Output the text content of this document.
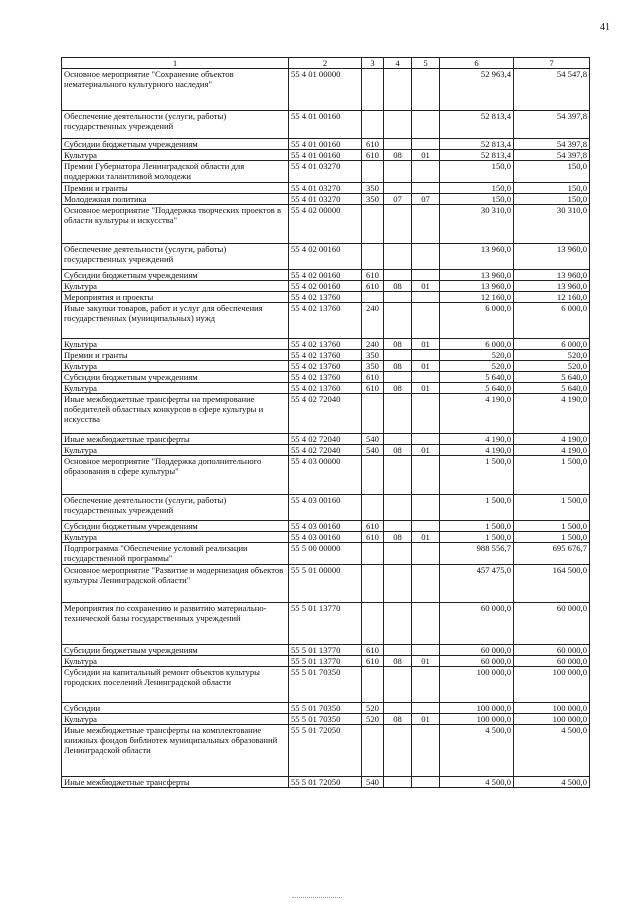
41
1	2	3	4	5	6	7
Основное мероприятие "Сохранение объектов нематериального культурного наследия"	55 4 01 00000				52 963,4	54 547,8
Обеспечение деятельности (услуги, работы) государственных учреждений	55 4 01 00160				52 813,4	54 397,8
Субсидии бюджетным учреждениям	55 4 01 00160	610			52 813,4	54 397,8
Культура	55 4 01 00160	610	08	01	52 813,4	54 397,8
Премии Губернатора Ленинградской области для поддержки талантливой молодежи	55 4 01 03270				150,0	150,0
Премии и гранты	55 4 01 03270	350			150,0	150,0
Молодежная политика	55 4 01 03270	350	07	07	150,0	150,0
Основное мероприятие "Поддержка творческих проектов в области культуры и искусства"	55 4 02 00000				30 310,0	30 310,0
Обеспечение деятельности (услуги, работы) государственных учреждений	55 4 02 00160				13 960,0	13 960,0
Субсидии бюджетным учреждениям	55 4 02 00160	610			13 960,0	13 960,0
Культура	55 4 02 00160	610	08	01	13 960,0	13 960,0
Мероприятия и проекты	55 4 02 13760				12 160,0	12 160,0
Иные закупки товаров, работ и услуг для обеспечения государственных (муниципальных) нужд	55 4 02 13760	240			6 000,0	6 000,0
Культура	55 4 02 13760	240	08	01	6 000,0	6 000,0
Премии и гранты	55 4 02 13760	350			520,0	520,0
Культура	55 4 02 13760	350	08	01	520,0	520,0
Субсидии бюджетным учреждениям	55 4 02 13760	610			5 640,0	5 640,0
Культура	55 4 02 13760	610	08	01	5 640,0	5 640,0
Иные межбюджетные трансферты на премирование победителей областных конкурсов в сфере культуры и искусства	55 4 02 72040				4 190,0	4 190,0
Иные межбюджетные трансферты	55 4 02 72040	540			4 190,0	4 190,0
Культура	55 4 02 72040	540	08	01	4 190,0	4 190,0
Основное мероприятие "Поддержка дополнительного образования в сфере культуры"	55 4 03 00000				1 500,0	1 500,0
Обеспечение деятельности (услуги, работы) государственных учреждений	55 4 03 00160				1 500,0	1 500,0
Субсидии бюджетным учреждениям	55 4 03 00160	610			1 500,0	1 500,0
Культура	55 4 03 00160	610	08	01	1 500,0	1 500,0
Подпрограмма "Обеспечение условий реализации государственной программы"	55 5 00 00000				988 556,7	695 676,7
Основное мероприятие "Развитие и модернизация объектов культуры Ленинградской области"	55 5 01 00000				457 475,0	164 500,0
Мероприятия по сохранению и развитию материально-технической базы государственных учреждений	55 5 01 13770				60 000,0	60 000,0
Субсидии бюджетным учреждениям	55 5 01 13770	610			60 000,0	60 000,0
Культура	55 5 01 13770	610	08	01	60 000,0	60 000,0
Субсидии на капитальный ремонт объектов культуры городских поселений Ленинградской области	55 5 01 70350				100 000,0	100 000,0
Субсидии	55 5 01 70350	520			100 000,0	100 000,0
Культура	55 5 01 70350	520	08	01	100 000,0	100 000,0
Иные межбюджетные трансферты на комплектование книжных фондов библиотек муниципальных образований Ленинградской области	55 5 01 72050				4 500,0	4 500,0
Иные межбюджетные трансферты	55 5 01 72050	540			4 500,0	4 500,0
